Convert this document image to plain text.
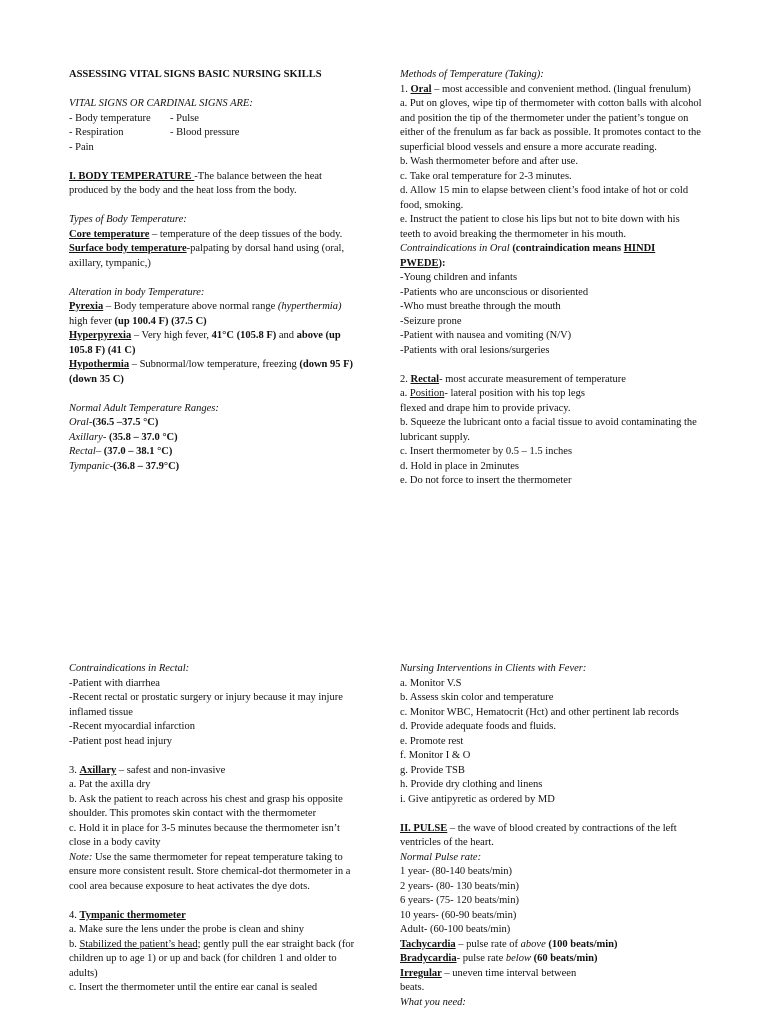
ASSESSING VITAL SIGNS BASIC NURSING SKILLS

VITAL SIGNS OR CARDINAL SIGNS ARE:

- Body temperature	- Pulse
- Respiration	- Blood pressure
- Pain

I. BODY TEMPERATURE -The balance between the heat produced by the body and the heat loss from the body.

Types of Body Temperature:

Core temperature – temperature of the deep tissues of the body.

Surface body temperature-palpating by dorsal hand using (oral, axillary, tympanic,)

Alteration in body Temperature:

Pyrexia – Body temperature above normal range (hyperthermia) high fever (up 100.4 F) (37.5 C)

Hyperpyrexia – Very high fever, 41°C (105.8 F) and above (up 105.8 F) (41 C)

Hypothermia – Subnormal/low temperature, freezing (down 95 F) (down 35 C)

Normal Adult Temperature Ranges:

Oral-(36.5 –37.5 °C)

Axillary- (35.8 – 37.0 °C)

Rectal– (37.0 – 38.1 °C)

Tympanic-(36.8 – 37.9°C)

Methods of Temperature (Taking):

1. Oral – most accessible and convenient method. (lingual frenulum)

a. Put on gloves, wipe tip of thermometer with cotton balls with alcohol and position the tip of the thermometer under the patient’s tongue on either of the frenulum as far back as possible. It promotes contact to the superficial blood vessels and ensure a more accurate reading.

b. Wash thermometer before and after use.

c. Take oral temperature for 2-3 minutes.

d. Allow 15 min to elapse between client’s food intake of hot or cold food, smoking.

e. Instruct the patient to close his lips but not to bite down with his teeth to avoid breaking the thermometer in his mouth.

Contraindications in Oral (contraindication means HINDI PWEDE):

-Young children and infants

-Patients who are unconscious or disoriented

-Who must breathe through the mouth

-Seizure prone

-Patient with nausea and vomiting (N/V)

-Patients with oral lesions/surgeries

2. Rectal- most accurate measurement of temperature

a. Position- lateral position with his top legs

flexed and drape him to provide privacy.

b. Squeeze the lubricant onto a facial tissue to avoid contaminating the lubricant supply.

c. Insert thermometer by 0.5 – 1.5 inches

d. Hold in place in 2minutes

e. Do not force to insert the thermometer

Contraindications in Rectal:

-Patient with diarrhea

-Recent rectal or prostatic surgery or injury because it may injure inflamed tissue

-Recent myocardial infarction

-Patient post head injury

3. Axillary – safest and non-invasive

a. Pat the axilla dry

b. Ask the patient to reach across his chest and grasp his opposite shoulder. This promotes skin contact with the thermometer

c. Hold it in place for 3-5 minutes because the thermometer isn’t close in a body cavity

Note: Use the same thermometer for repeat temperature taking to ensure more consistent result. Store chemical-dot thermometer in a cool area because exposure to heat activates the dye dots.

4. Tympanic thermometer

a. Make sure the lens under the probe is clean and shiny

b. Stabilized the patient’s head; gently pull the ear straight back (for children up to age 1) or up and back (for children 1 and older to adults)

c. Insert the thermometer until the entire ear canal is sealed

Nursing Interventions in Clients with Fever:

a. Monitor V.S

b. Assess skin color and temperature

c. Monitor WBC, Hematocrit (Hct) and other pertinent lab records

d. Provide adequate foods and fluids.

e. Promote rest

f. Monitor I & O

g. Provide TSB

h. Provide dry clothing and linens

i. Give antipyretic as ordered by MD

II. PULSE – the wave of blood created by contractions of the left ventricles of the heart.

Normal Pulse rate:

1 year- (80-140 beats/min)

2 years- (80- 130 beats/min)

6 years- (75- 120 beats/min)

10 years- (60-90 beats/min)

Adult- (60-100 beats/min)

Tachycardia – pulse rate of above (100 beats/min)

Bradycardia- pulse rate below (60 beats/min)

Irregular – uneven time interval between

beats.

What you need:
